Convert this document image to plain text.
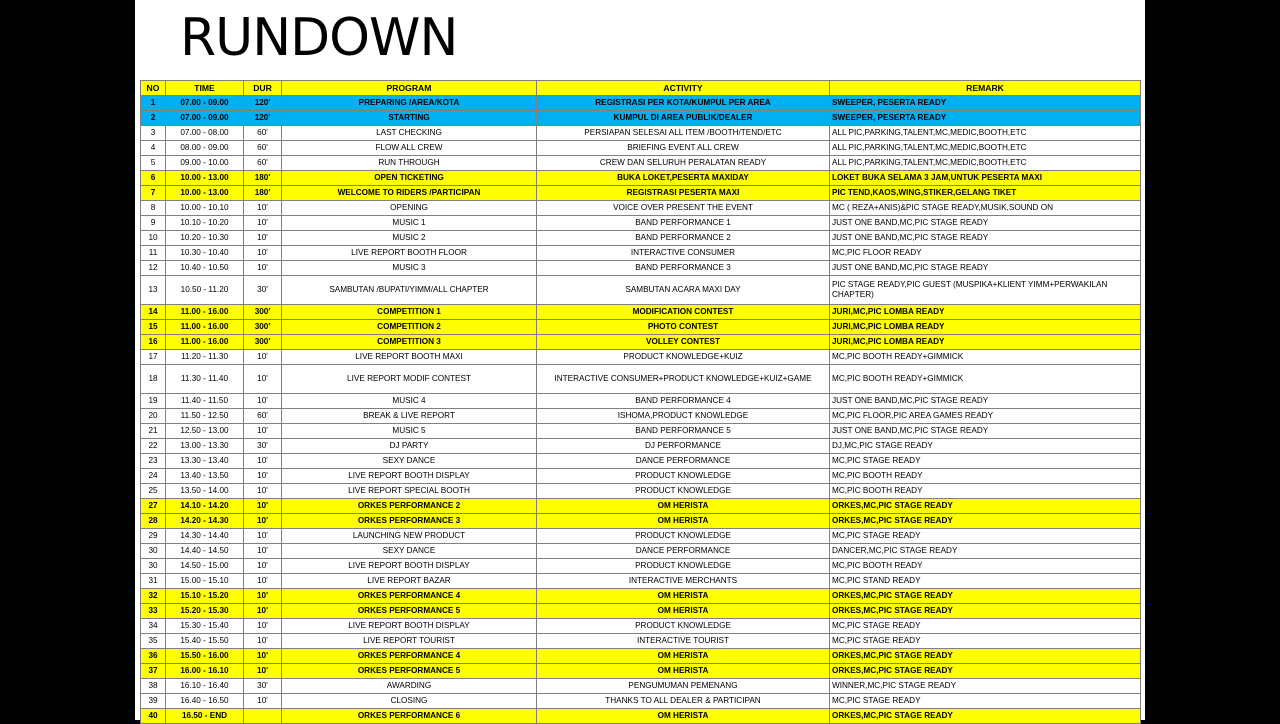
RUNDOWN
NO	TIME	DUR	PROGRAM	ACTIVITY	REMARK
1	07.00 - 09.00	120'	PREPARING /AREA/KOTA	REGISTRASI PER KOTA/KUMPUL PER AREA	SWEEPER, PESERTA READY
2	07.00 - 09.00	120'	STARTING	KUMPUL DI AREA PUBLIK/DEALER	SWEEPER, PESERTA READY
3	07.00 - 08.00	60'	LAST CHECKING	PERSIAPAN SELESAI ALL ITEM /BOOTH/TEND/ETC	ALL PIC,PARKING,TALENT,MC,MEDIC,BOOTH,ETC
4	08.00 - 09.00	60'	FLOW ALL CREW	BRIEFING EVENT ALL CREW	ALL PIC,PARKING,TALENT,MC,MEDIC,BOOTH,ETC
5	09.00 - 10.00	60'	RUN THROUGH	CREW DAN SELURUH PERALATAN READY	ALL PIC,PARKING,TALENT,MC,MEDIC,BOOTH,ETC
6	10.00 - 13.00	180'	OPEN TICKETING	BUKA LOKET,PESERTA MAXIDAY	LOKET BUKA SELAMA 3 JAM,UNTUK PESERTA MAXI
7	10.00 - 13.00	180'	WELCOME TO RIDERS /PARTICIPAN	REGISTRASI PESERTA MAXI	PIC TEND,KAOS,WING,STIKER,GELANG TIKET
8	10.00 - 10.10	10'	OPENING	VOICE OVER PRESENT THE EVENT	MC ( REZA+ANIS)&PIC STAGE READY,MUSIK,SOUND ON
9	10.10 - 10.20	10'	MUSIC 1	BAND PERFORMANCE 1	JUST ONE BAND,MC,PIC STAGE READY
10	10.20 - 10.30	10'	MUSIC 2	BAND PERFORMANCE 2	JUST ONE BAND,MC,PIC STAGE READY
11	10.30 - 10.40	10'	LIVE REPORT BOOTH FLOOR	INTERACTIVE CONSUMER	MC,PIC FLOOR READY
12	10.40 - 10.50	10'	MUSIC 3	BAND PERFORMANCE 3	JUST ONE BAND,MC,PIC STAGE READY
13	10.50 - 11.20	30'	SAMBUTAN /BUPATI/YIMM/ALL CHAPTER	SAMBUTAN ACARA MAXI DAY	PIC STAGE READY,PIC GUEST (MUSPIKA+KLIENT YIMM+PERWAKILAN CHAPTER)
14	11.00 - 16.00	300'	COMPETITION 1	MODIFICATION CONTEST	JURI,MC,PIC LOMBA READY
15	11.00 - 16.00	300'	COMPETITION 2	PHOTO CONTEST	JURI,MC,PIC LOMBA READY
16	11.00 - 16.00	300'	COMPETITION 3	VOLLEY CONTEST	JURI,MC,PIC LOMBA READY
17	11.20 - 11.30	10'	LIVE REPORT BOOTH MAXI	PRODUCT KNOWLEDGE+KUIZ	MC,PIC BOOTH READY+GIMMICK
18	11.30 - 11.40	10'	LIVE REPORT MODIF CONTEST	INTERACTIVE CONSUMER+PRODUCT KNOWLEDGE+KUIZ+GAME	MC,PIC BOOTH READY+GIMMICK
19	11.40 - 11.50	10'	MUSIC 4	BAND PERFORMANCE 4	JUST ONE BAND,MC,PIC STAGE READY
20	11.50 - 12.50	60'	BREAK & LIVE REPORT	ISHOMA,PRODUCT KNOWLEDGE	MC,PIC FLOOR,PIC AREA GAMES READY
21	12.50 - 13.00	10'	MUSIC 5	BAND PERFORMANCE 5	JUST ONE BAND,MC,PIC STAGE READY
22	13.00 - 13.30	30'	DJ PARTY	DJ PERFORMANCE	DJ,MC,PIC STAGE READY
23	13.30 - 13.40	10'	SEXY DANCE	DANCE PERFORMANCE	MC,PIC STAGE READY
24	13.40 - 13.50	10'	LIVE REPORT BOOTH DISPLAY	PRODUCT KNOWLEDGE	MC,PIC BOOTH READY
25	13.50 - 14.00	10'	LIVE REPORT SPECIAL BOOTH	PRODUCT KNOWLEDGE	MC,PIC BOOTH READY
27	14.10 - 14.20	10'	ORKES PERFORMANCE 2	OM HERISTA	ORKES,MC,PIC STAGE READY
28	14.20 - 14.30	10'	ORKES PERFORMANCE 3	OM HERISTA	ORKES,MC,PIC STAGE READY
29	14.30 - 14.40	10'	LAUNCHING NEW PRODUCT	PRODUCT KNOWLEDGE	MC,PIC STAGE READY
30	14.40 - 14.50	10'	SEXY DANCE	DANCE PERFORMANCE	DANCER,MC,PIC STAGE READY
30	14.50 - 15.00	10'	LIVE REPORT BOOTH DISPLAY	PRODUCT KNOWLEDGE	MC,PIC BOOTH READY
31	15.00 - 15.10	10'	LIVE REPORT BAZAR	INTERACTIVE MERCHANTS	MC,PIC STAND READY
32	15.10 - 15.20	10'	ORKES PERFORMANCE 4	OM HERISTA	ORKES,MC,PIC STAGE READY
33	15.20 - 15.30	10'	ORKES PERFORMANCE 5	OM HERISTA	ORKES,MC,PIC STAGE READY
34	15.30 - 15.40	10'	LIVE REPORT BOOTH DISPLAY	PRODUCT KNOWLEDGE	MC,PIC STAGE READY
35	15.40 - 15.50	10'	LIVE REPORT TOURIST	INTERACTIVE TOURIST	MC,PIC STAGE READY
36	15.50 - 16.00	10'	ORKES PERFORMANCE 4	OM HERISTA	ORKES,MC,PIC STAGE READY
37	16.00 - 16.10	10'	ORKES PERFORMANCE 5	OM HERISTA	ORKES,MC,PIC STAGE READY
38	16.10 - 16.40	30'	AWARDING	PENGUMUMAN PEMENANG	WINNER,MC,PIC STAGE READY
39	16.40 - 16.50	10'	CLOSING	THANKS TO ALL DEALER & PARTICIPAN	MC,PIC STAGE READY
40	16.50 - END		ORKES PERFORMANCE 6	OM HERISTA	ORKES,MC,PIC STAGE READY
